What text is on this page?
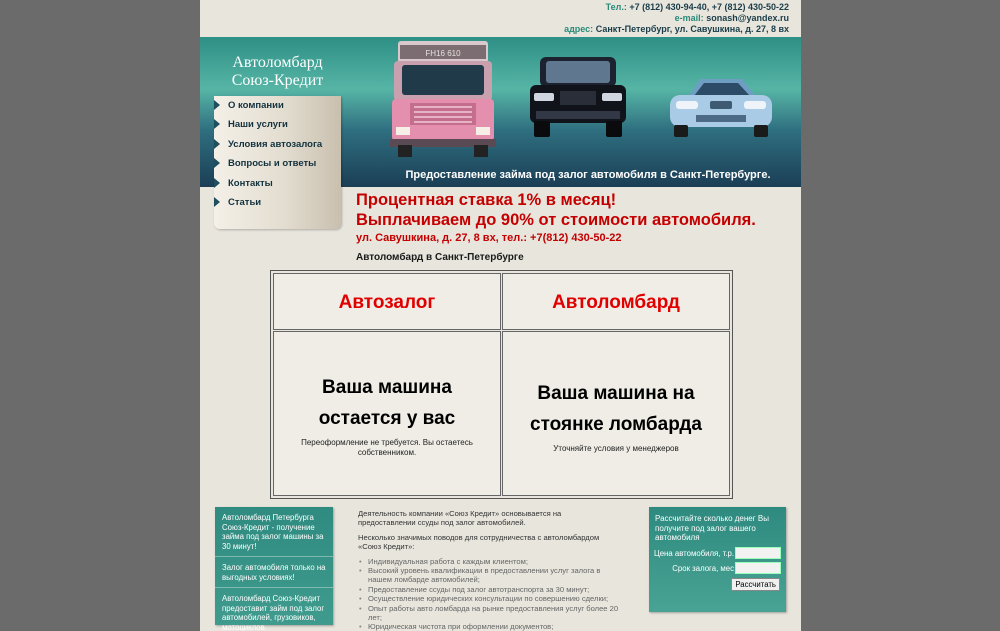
Тел.: +7 (812) 430-94-40, +7 (812) 430-50-22
e-mail: sonash@yandex.ru
адрес: Санкт-Петербург, ул. Савушкина, д. 27, 8 вх
Автоломбард
Союз-Кредит
FH16 610
Предоставление займа под залог автомобиля в Санкт-Петербурге.
О компании
Наши услуги
Условия автозалога
Вопросы и ответы
Контакты
Статьи	Процентная ставка 1% в месяц!
Выплачиваем до 90% от стоимости автомобиля.
ул. Савушкина, д. 27, 8 вх, тел.: +7(812) 430-50-22
Автоломбард в Санкт-Петербурге
Автозалог	Автоломбард
Ваша машина остается у вас
Переоформление не требуется. Вы остаетесь собственником.
Ваша машина на стоянке ломбарда
Уточняйте условия у менеджеров
Автоломбард Петербурга Союз-Кредит - получение займа под залог машины за 30 минут!
Залог автомобиля только на выгодных условиях!
Автоломбард Союз-Кредит предоставит займ под залог автомобилей, грузовиков, мотоциклов.

Деятельность компании «Союз Кредит» основывается на предоставлении ссуды под залог автомобилей.

Несколько значимых поводов для сотрудничества с автоломбардом «Союз Кредит»:

• Индивидуальная работа с каждым клиентом;
• Высокий уровень квалификации в предоставлении услуг залога в нашем ломбарде автомобилей;
• Предоставление ссуды под залог автотранспорта за 30 минут;
• Осуществление юридических консультации по совершению сделки;
• Опыт работы авто ломбарда на рынке предоставления услуг более 20 лет;
• Юридическая чистота при оформлении документов;
Рассчитайте сколько денег Вы получите под залог вашего автомобиля
Цена автомобиля, т.р.
Срок залога, мес
Рассчитать
